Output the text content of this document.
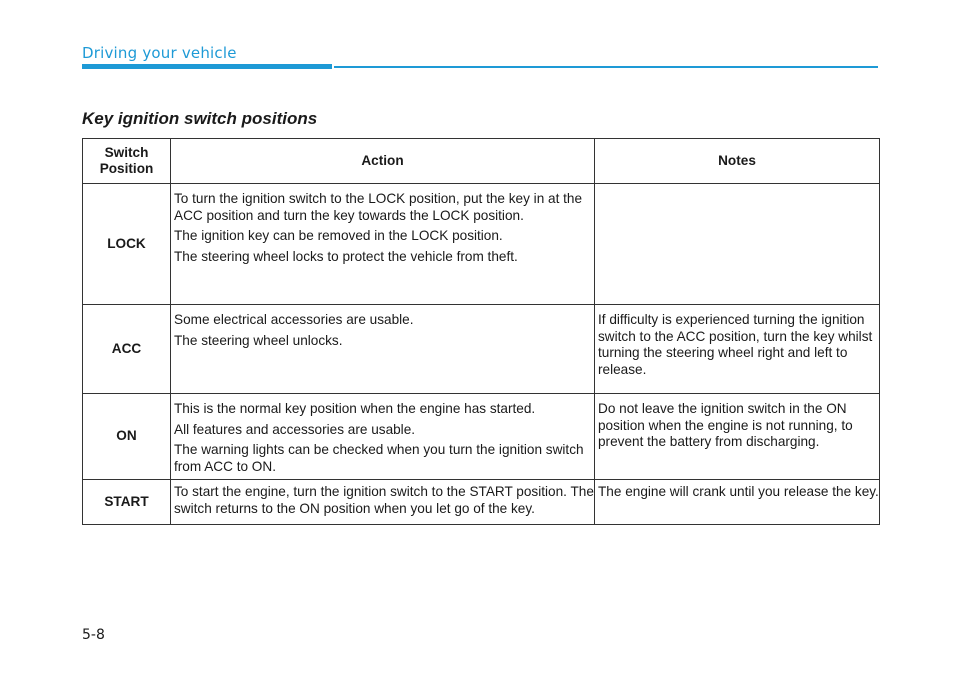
Driving your vehicle
Key ignition switch positions
Switch Position	Action	Notes
LOCK	To turn the ignition switch to the LOCK position, put the key in at the ACC position and turn the key towards the LOCK position.

The ignition key can be removed in the LOCK position.

The steering wheel locks to protect the vehicle from theft.	

ACC	Some electrical accessories are usable.

The steering wheel unlocks.	If difficulty is experienced turning the ignition switch to the ACC position, turn the key whilst turning the steering wheel right and left to release.
ON	This is the normal key position when the engine has started.

All features and accessories are usable.

The warning lights can be checked when you turn the ignition switch from ACC to ON.	Do not leave the ignition switch in the ON position when the engine is not running, to prevent the battery from discharging.
START	To start the engine, turn the ignition switch to the START position. The switch returns to the ON position when you let go of the key.	The engine will crank until you release the key.
5-8
